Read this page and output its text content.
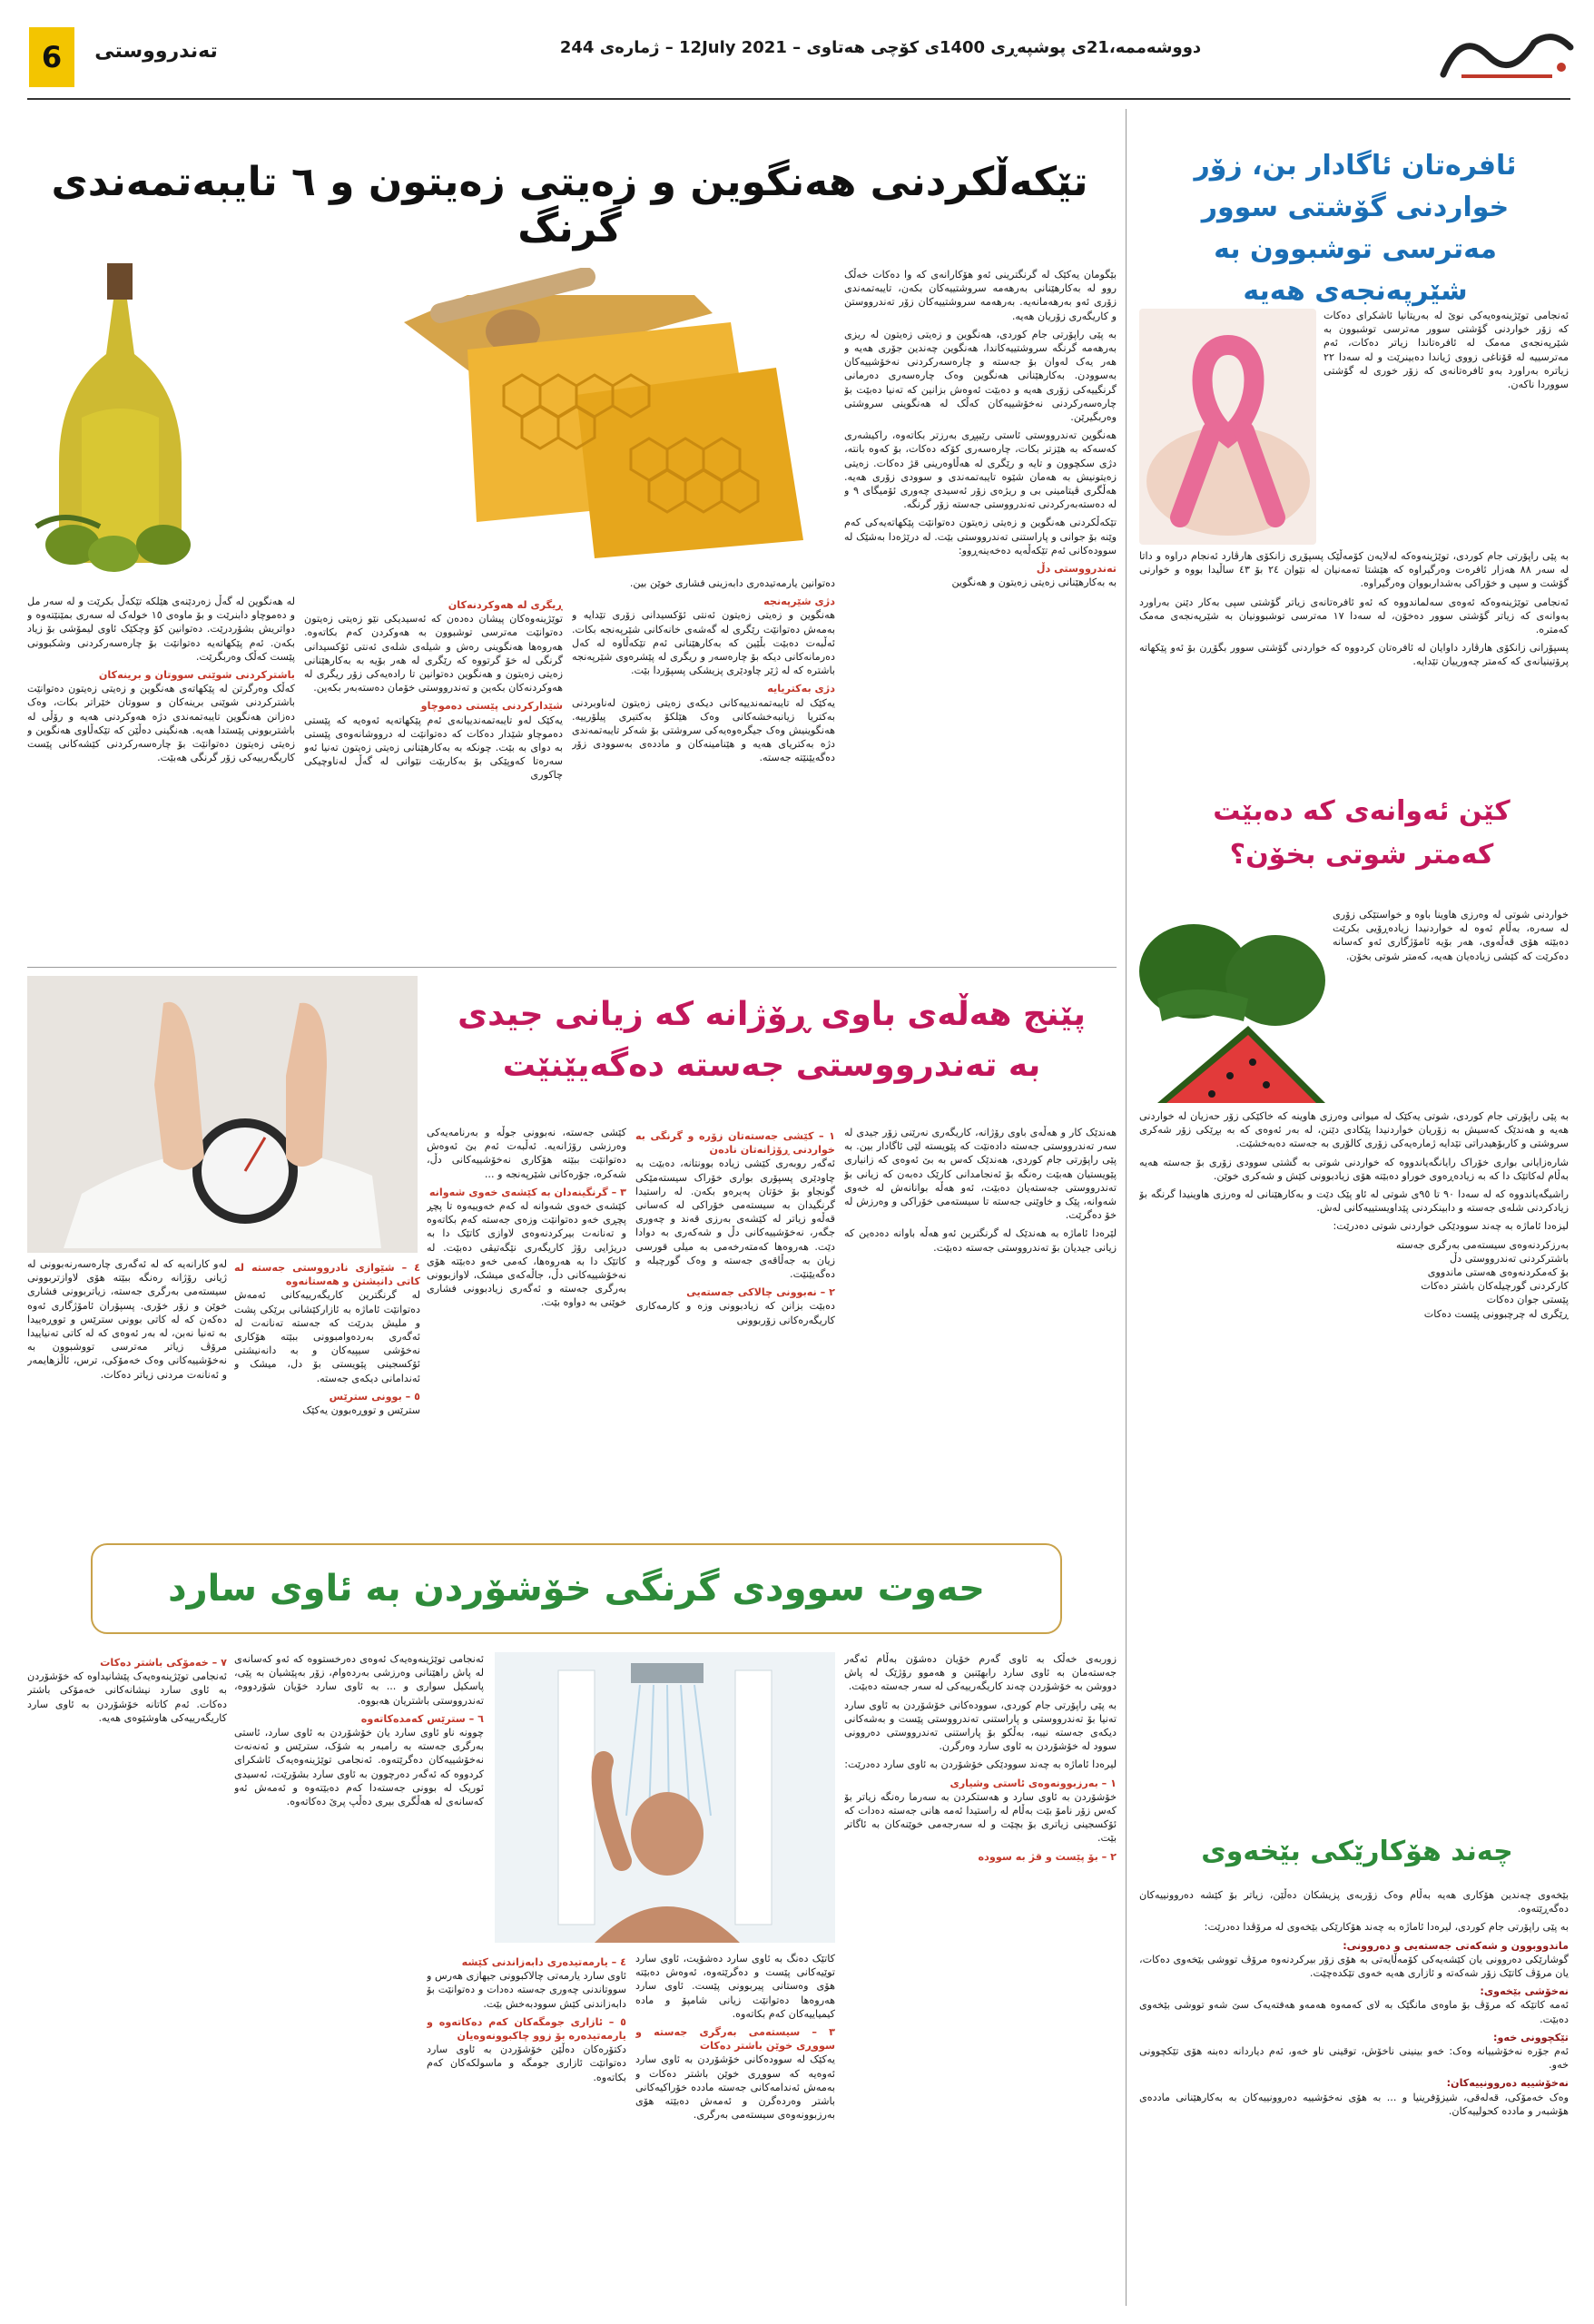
6	تەندرووستی	دووشەممە،21ی پوشپەڕی 1400ی کۆچی هەتاوی – 12July 2021 – ژمارەی 244
ئافرەتان ئاگادار بن، زۆر خواردنی گۆشتی سوور مەترسی توشبوون بە شێرپەنجەی هەیە

ئەنجامی توێژینەوەیەکی نوێ لە بەریتانیا ئاشکرای دەکات کە زۆر خواردنی گۆشتی سوور مەترسی توشبوون بە شێرپەنجەی مەمک لە ئافرەتاندا زیاتر دەکات، ئەم مەترسییە لە قۆناغی زووی ژیاندا دەبینرێت و لە سەدا ٢٢ زیاترە بەراورد بەو ئافرەتانەی کە زۆر خوری لە گۆشتی سووردا ناکەن.

بە پێی راپۆرتی جام کوردی، توێژینەوەکە لەلایەن کۆمەڵێک پسپۆڕی زانکۆی هارڤارد ئەنجام دراوە و داتا لە سەر ٨٨ هەزار ئافرەت وەرگیراوە کە هێشتا تەمەنیان لە نێوان ٢٤ بۆ ٤٣ ساڵیدا بووە و خوارنی گۆشت و سپی و خۆراکی بەشداربووان وەرگیراوە.

ئەنجامی توێژینەوەکە ئەوەی سەلماندووە کە ئەو ئافرەتانەی زیاتر گۆشتی سپی بەکار دێنن بەراورد بەوانەی کە زیاتر گۆشتی سوور دەخۆن، لە سەدا ١٧ مەترسی توشبوونیان بە شێرپەنجەی مەمک کەمترە.

پسپۆرانی زانکۆی هارڤارد داوایان لە ئافرەتان کردووە کە خواردنی گۆشتی سوور بگۆڕن بۆ ئەو پێکهاتە پرۆتینیانەی کە کەمتر چەورییان تێدایە.

کێن ئەوانەی کە دەبێت کەمتر شوتی بخۆن؟

خواردنی شوتی لە وەرزی هاوینا باوە و خواستێکی زۆری لە سەرە، بەڵام ئەوە لە خواردنیدا زیادەڕۆیی بکرێت دەبێتە هۆی قەڵەوی، هەر بۆیە ئامۆژگاری ئەو کەسانە دەکرێت کە کێشی زیادەیان هەیە، کەمتر شوتی بخۆن.

بە پێی راپۆرتی جام کوردی، شوتی یەکێک لە میوانی وەرزی هاوینە کە خاکێکی زۆر حەزیان لە خواردنی هەیە و هەندێک کەسیش بە زۆریان خواردنیدا پێکادی دێنن، لە بەر ئەوەی کە بە بڕێکی زۆر شەکری سروشتی و کاربۆهیدراتی تێدایە ژمارەیەکی زۆری کالۆری بە جەستە دەبەخشێت.

شارەزایانی بواری خۆراک رایانگەیاندووە کە خواردنی شوتی بە گشتی سوودی زۆری بۆ جەستە هەیە بەڵام لەکاتێک دا کە بە زیادەڕەوی خوراو دەبێتە هۆی زیادبوونی کێش و شەکری خوێن.

راشیگەیاندووە کە لە سەدا ٩٠ تا ٩٥ی شوتی لە ئاو پێک دێت و بەکارهێنانی لە وەرزی هاوینیدا گرنگە بۆ زیادکردنی شلەی جەستە و دابینکردنی پێداویستییەکانی لەش.

لیزەدا ئاماژە بە چەند سوودێکی خواردنی شوتی دەدرێت:

بەرزکردنەوەی سیستەمی بەرگری جەستە

باشترکردنی تەندرووستی دڵ

بۆ کەمکردنەوەی هەستی ماندووی

کارکردنی گورچیلەکان باشتر دەکات

پێستی جوان دەکات

ڕێگری لە چرچبوونی پێست دەکات

چەند هۆکارێکی بێخەوی

بێخەوی چەندین هۆکاری هەیە بەڵام وەک زۆربەی پزیشکان دەڵێن، زیاتر بۆ کێشە دەروونییەکان دەگەڕێتەوە.

بە پێی راپۆرتی جام کوردی، لیرەدا ئاماژە بە چەند هۆکارێکی بێخەوی لە مرۆڤدا دەدرێت:

ماندووبوون و شەکەتی جەستەیی و دەروونی:

گوشارێکی دەروونی یان کێشەیەکی کۆمەڵایەتی بە هۆی زۆر بیرکردنەوە مرۆڤ تووشی بێخەوی دەکات، یان مرۆڤ کاتێک زۆر شەکەتە و ئازاری هەیە خەوی تێکدەچێت.

نەخۆشی بێخەوی:

ئەمە کاتێکە کە مرۆڤ بۆ ماوەی مانگێک بە لای کەمەوە هەمەو هەفتەیەک سێ شەو تووشی بێخەوی دەبێت.

تێکچوونی خەو:

ئەم جۆرە نەخۆشییانە وەک: خەو بینینی ناخۆش، توقینی ناو خەو، ئەم دیاردانە دەبنە هۆی تێکچوونی خەو.

نەخۆشییە دەروونییەکان:

وەک خەمۆکی، قەلەقی، شیزۆفرینیا و ... بە هۆی نەخۆشییە دەروونییەکان بە بەکارهێنانی ماددەی هۆشبەر و ماددە کحولییەکان.

تێکەڵکردنی هەنگوین و زەیتی زەیتون و ٦ تایبەتمەندی گرنگ

بێگومان یەکێک لە گرنگترینی ئەو هۆکارانەی کە وا دەکات خەڵک روو لە بەکارهێنانی بەرهەمە سروشتییەکان بکەن، تایبەتمەندی زۆری ئەو بەرهەمانەیە. بەرهەمە سروشتییەکان زۆر تەندرووستن و کاریگەری زۆریان هەیە.

بە پێی راپۆرتی جام کوردی، هەنگوین و زەیتی زەیتون لە ریزی بەرهەمە گرنگە سروشتییەکاندا، هەنگوین چەندین جۆری هەیە و هەر یەک لەوان بۆ جەستە و چارەسەرکردنی نەخۆشییەکان بەسوودن. بەکارهێنانی هەنگوین وەک چارەسەری دەرمانی گرنگییەکی زۆری هەیە و دەبێت ئەوەش بزانین کە تەنیا دەبێت بۆ چارەسەرکردنی نەخۆشییەکان کەڵک لە هەنگوینی سروشتی وەربگیرێن.

هەنگوین تەندرووستی ئاستی رێیپڕی بەرزتر بکاتەوە، راکیشەری کەسەکە بە هێزتر بکات، چارەسەری کۆکە دەکات، بۆ کەوە بانتە، دژی سکچوون و تایە و رێگری لە هەڵاوەرینی قژ دەکات. زەیتی زەیتونیش بە هەمان شێوە تایبەتمەندی و سوودی زۆری هەیە. هەڵگری ڤیتامینی بی و ریژەی زۆر ئەسیدی چەوری ئۆمیگای ٩ و لە دەستەبەرکردنی تەندرووستی جەستە زۆر گرنگە.

تێکەڵکردنی هەنگوین و زەیتی زەیتون دەتوانێت پێکهاتەیەکی کەم وێنە بۆ جوانی و پاراستنی تەندرووستی بێت. لە درێژەدا بەشێک لە سوودەکانی ئەم تێکەڵەیە دەخەینەڕوو:

تەندرووستی دڵ

بە بەکارهێنانی زەیتی زەیتون و هەنگوین

دەتوانین یارمەتیدەری دابەزینی فشاری خوێن بین.

دژی شێرپەنجە

هەنگوین و زەیتی زەیتون ئەنتی ئۆکسیدانی زۆری تێدایە و بەمەش دەتوانێت رێگری لە گەشەی خانەکانی شێرپەنجە بکات. ئەڵبەت دەبێت بڵێین کە بەکارهێنانی ئەم تێکەڵاوە لە کەل دەرمانەکانی دیکە بۆ چارەسەر و ریگری لە پێشرەوی شێرپەنجە باشترە کە لە ژێر چاودێری پزیشکی پسپۆردا بێت.

دژی بەکتریایە

یەکێک لە تایبەتمەندییەکانی دیکەی زەیتی زەیتون لەناوبردنی بەکتریا زیانبەخشەکانی وەک هێلکۆ بەکتیری پیلۆرییە. هەنگوینیش وەک جیگرەوەیەکی سروشتی بۆ شەکر تایبەتمەندی دژە بەکتریای هەیە و هێنامینەکان و ماددەی بەسوودی زۆر دەگەیێنێتە جەستە.

ڕیگری لە هەوکردنەکان

توێژینەوەکان پیشان دەدەن کە ئەسیدیکی نێو زەیتی زەیتون دەتوانێت مەترسی توشبوون بە هەوکردن کەم بکاتەوە. هەروەها هەنگوینی رەش و شیلەی شلەی ئەنتی ئۆکسیدانی گرنگی لە خۆ گرتووە کە رێگری لە هەر بۆیە بە بەکارهێنانی زەیتی زەیتون و هەنگوین دەتوانین تا رادەیەکی زۆر ریگری لە هەوکردنەکان بکەین و تەندرووستی خۆمان دەستەبەر بکەین.

شێدارکردنی پێستی دەموچاو

یەکێک لەو تایبەتمەندییانەی ئەم پێکهاتەیە ئەوەیە کە پێستی دەموچاو شێدار دەکات کە دەتوانێت لە درووشانەوەی پێستی بە دوای بە بێت. چونکە بە بەکارهێنانی زەیتی زەیتون تەنیا ئەو سەرەتا کەوپێکی بۆ بەکاربێت نێوانی لە گەڵ لەناوچیکی چاکوری

لە هەنگوین لە گەڵ زەردێنەی هێلکە تێکەڵ بکرێت و لە سەر مل و دەموچاو دابنرێت و بۆ ماوەی ١٥ خولەک لە سەری بمێنێتەوە و دواتریش بشۆردرێت. دەتوانین کۆ وچکێک ئاوی لیمۆشی بۆ زیاد بکەن. ئەم پێکهاتەیە دەتوانێت بۆ چارەسەرکردنی وشکبوونی پێست کەڵک وەربگرێت.

باشترکردنی شوێنی سووتان و برینەکان

کەڵک وەرگرتن لە پێکهاتەی هەنگوین و زەیتی زەیتون دەتوانێت باشترکردنی شوێنی برینەکان و سووتان خێراتر بکات، وەک دەزانن هەنگوین تایبەتمەندی دژە هەوکردنی هەیە و رۆڵی لە باشتربوونی پێستدا هەیە. هەنگینی دەڵێن کە تێکەڵاوی هەنگوین و زەیتی زەیتون دەتوانێت بۆ چارەسەرکردنی کێشەکانی پێست کاریگەرییەکی زۆر گرنگی هەبێت.

پێنج هەڵەی باوی ڕۆژانە کە زیانی جیدی
بە تەندرووستی جەستە دەگەیێنێت

هەندێک کار و هەڵەی باوی رۆژانە، کاریگەری نەرێنی زۆر جیدی لە سەر تەندرووستی جەستە دادەنێت کە پێویستە لێی ئاگادار بین. بە پێی راپۆرتی جام کوردی، هەندێک کەس بە بێ ئەوەی کە زانیاری پێویستیان هەبێت رەنگە بۆ ئەنجامدانی کارێک دەبەن کە زیانی بۆ تەندرووستی جەستەیان دەبێت، ئەو هەڵە بوانانەش لە خەوی شەوانە، پێک و خاوێنی جەستە تا سیستەمی خۆراکی و وەرزش لە خۆ دەگرێت.

لێرەدا ئاماژە بە هەندێک لە گرنگترین ئەو هەڵە باوانە دەدەین کە زیانی جیدیان بۆ تەندرووستی جەستە دەبێت.

١ – کێشی جەستەتان زۆرە و گرنگی بە خواردنی ڕۆژانەتان نادەن

ئەگەر روبەری کێشی زیادە بوونتانە، دەبێت بە چاودێری پسپۆری بواری خۆراک سیستەمێکی گونجاو بۆ خۆتان پەیرەو بکەن. لە راستیدا گرنگیدان بە سیستەمی خۆراکی لە کەسانی قەڵەو زیاتر لە کێشەی بەرزی قەند و چەوری جگەر، نەخۆشییەکانی دڵ و شەکەری بە دوادا دێت. هەروەها کەمتەرخەمی بە میلی قورسی زیان بە جەڵاقەی جەستە و وەک گورچیلە و دەگەیێنێت.

٢ – نەبوونی چالاکی جەستەیی

دەبێت بزانن کە زیادبوونی وزە و کارمەکاری کاریگەرەکانی زۆربوونی

کێشی جەستە، نەبوونی جوڵە و بەرنامەیەکی وەرزشی رۆژانەیە. ئەڵبەت ئەم بێ ئەوەش دەتوانێت ببێتە هۆکاری نەخۆشییەکانی دڵ، شەکرە، جۆرەکانی شێرپەنجە و ...

٣ – گرنگینەدان بە کێشەی خەوی شەوانە

کێشەی خەوی شەوانە لە کەم خەوییەوە تا پچڕ پچڕی خەو دەتوانێت وزەی جەستە کەم بکاتەوە و تەنانەت بیرکردنەوەی لاوازی کاتێک دا بە دریژایی رۆژ کاریگەری نێگەتیڤی دەبێت. لە کاتێک دا بە هەروەها، کەمی خەو دەبێتە هۆی نەخۆشییەکانی دڵ، جاڵەکەی میشک، لاوازبوونی بەرگری جەستە و ئەگەری زیادبوونی فشاری خوێنی بە دواوە بێت.

٤ – شێوازی نادرووستی جەستە لە کاتی دانیشتن و هەستانەوە

لە گرنگترین کاریگەرییەکانی ئەمەش دەتوانێت ئاماژە بە ئازارکێشانی برێکی پشت و ملیش بدرێت کە جەستە تەنانەت لە ئەگەری بەردەوامبوونی ببێتە هۆکاری نەخۆشی سیپیەکان و بە دانەنیشتی ئۆکسجینی پێویستی بۆ دل، میشک و ئەندامانی دیکەی جەستە.

٥ – بوونی سترێس

سترێس و تووڕەبوون یەکێک

لەو کارانەیە کە لە ئەگەری چارەسەرنەبوونی لە ژیانی رۆژانە رەنگە ببێتە هۆی لاوازتربوونی سیستەمی بەرگری جەستە، زیاتربوونی فشاری خوێن و زۆر خۆری. پسپۆران ئامۆژگاری ئەوە دەکەن کە لە کاتی بوونی سترێس و تووڕەییدا بە تەنیا نەبن، لە بەر ئەوەی کە لە کاتی تەنیاییدا مرۆڤ زیاتر مەترسی تووشبوون بە نەخۆشییەکانی وەک خەمۆکی، ترس، ئاڵزهایمەر و ئەنانەت مردنی زیاتر دەکات.

حەوت سوودی گرنگی خۆشۆردن بە ئاوی سارد

زوربەی خەڵک بە ئاوی گەرم خۆیان دەشۆن بەڵام ئەگەر جەستەمان بە ئاوی سارد رابهێنین و هەموو رۆژێک لە پاش دووشن بە خۆشۆردن چەند کاریگەرییەکی لە سەر جەستە دەبێت.

بە پێی راپۆرتی جام کوردی، سوودەکانی خۆشۆردن بە ئاوی سارد تەنیا بۆ تەندرووستی و پاراستنی تەندرووستی پێست و بەشەکانی دیکەی جەستە نییە، بەڵکو بۆ پاراستنی تەندرووستی دەروونی سوود لە خۆشۆردن بە ئاوی سارد وەرگرن.

لیرەدا ئاماژە بە چەند سوودێکی خۆشۆردن بە ئاوی سارد دەدرێت:

١ – بەرزبوونەوەی ئاستی وشیاری

خۆشۆردن بە ئاوی سارد و هەستکردن بە سەرما رەنگە زیاتر بۆ کەس زۆر نامۆ بێت بەڵام لە راستیدا ئەمە هانی جەستە دەدات کە ئۆکسجینی زیاتری بۆ بچێت و لە سەرجەمی خوێنەکان بە ئاگاتر بێت.

٢ – بۆ پێست و قژ بە سوودە

کاتێک دەنگ بە ئاوی سارد دەشۆیت، ئاوی سارد توێیەکانی پێست و دەگرێتەوە، ئەوەش دەبێتە هۆی وەستانی پیربوونی پێست. ئاوی سارد هەروەها دەتوانێت زیانی شامپۆ و مادە کیمیاییەکان کەم بکاتەوە.

٣ – سیستەمی بەرگری جەستە و سووڕی خوێن باشتر دەکات

یەکێک لە سوودەکانی خۆشۆردن بە ئاوی سارد ئەوەیە کە سووڕی خوێن باشتر دەکات و بەمەش ئەندامەکانی جەستە ماددە خۆراکیەکانی باشتر وەردەگرن و ئەمەش دەبێتە هۆی بەرزبوونەوەی سیستەمی بەرگری.

٤ – یارمەتیدەری دابەزاندنی کێشە

ئاوی سارد یارمەتی چالاکبوونی جیهازی هەرس و سووتاندنی چەوری جەستە دەدات و دەتوانێت بۆ دابەزاندنی کێش سوودبەخش بێت.

٥ – ئازاری جومگەکان کەم دەکاتەوە و یارمەتیدەرە بۆ زوو چاکبوونەوەیان

دکتۆرەکان دەڵێن خۆشۆردن بە ئاوی سارد دەتوانێت ئازاری جومگە و ماسولکەکان کەم بکاتەوە.

ئەنجامی توێژینەوەیەک ئەوەی دەرخستووە کە ئەو کەسانەی لە پاش راهێنانی وەرزشی بەردەوام، زۆر بەپێشیان بە پێی، پاسکیل سواری و ... بە ئاوی سارد خۆیان شۆردووە، تەندرووستی باشتریان هەبووە.

٦ – سترێس کەمدەکاتەوە

چوونە ناو ئاوی سارد یان خۆشۆردن بە ئاوی سارد، ئاستی بەرگری جەستە بە رامبەر بە شۆک، سترێس و ئەنەنەت نەخۆشییەکان دەگرێتەوە. ئەنجامی توێژینەوەیەک ئاشکرای کردووە کە ئەگەر دەرچوون بە ئاوی سارد بشۆرێت، ئەسیدی ئوریک لە بوونی جەستەدا کەم دەبێتەوە و ئەمەش ئەو کەسانەی لە هەڵگری بیری دەڵپ پرێ دەکاتەوە.

٧ – خەمۆکی باشتر دەکات

ئەنجامی توێژینەوەیەک پێشانیداوە کە خۆشۆردن بە ئاوی سارد نیشانەکانی خەمۆکی باشتر دەکات. ئەم کاتانە خۆشۆردن بە ئاوی سارد کاریگەرییەکی هاوشێوەی هەیە.
